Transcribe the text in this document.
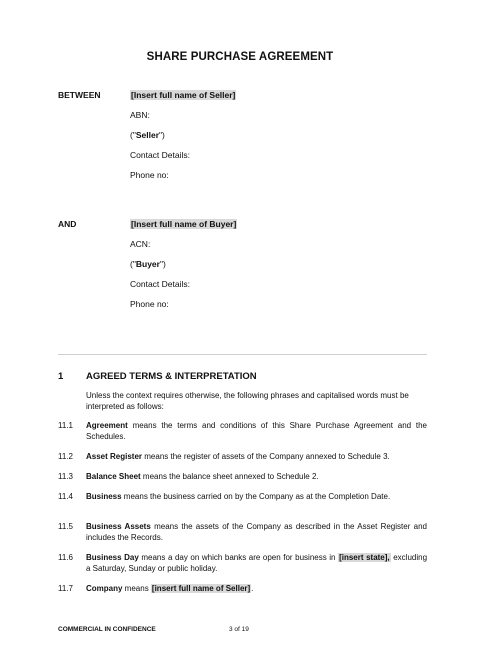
SHARE PURCHASE AGREEMENT
BETWEEN	[Insert full name of Seller]
ABN:
("Seller")
Contact Details:
Phone no:
AND	[Insert full name of Buyer]
ACN:
("Buyer")
Contact Details:
Phone no:
1 AGREED TERMS & INTERPRETATION
Unless the context requires otherwise, the following phrases and capitalised words must be interpreted as follows:
11.1 Agreement means the terms and conditions of this Share Purchase Agreement and the Schedules.
11.2 Asset Register means the register of assets of the Company annexed to Schedule 3.
11.3 Balance Sheet means the balance sheet annexed to Schedule 2.
11.4 Business means the business carried on by the Company as at the Completion Date.
11.5 Business Assets means the assets of the Company as described in the Asset Register and includes the Records.
11.6 Business Day means a day on which banks are open for business in [insert state], excluding a Saturday, Sunday or public holiday.
11.7 Company means [insert full name of Seller].
COMMERCIAL IN CONFIDENCE	3 of 19
